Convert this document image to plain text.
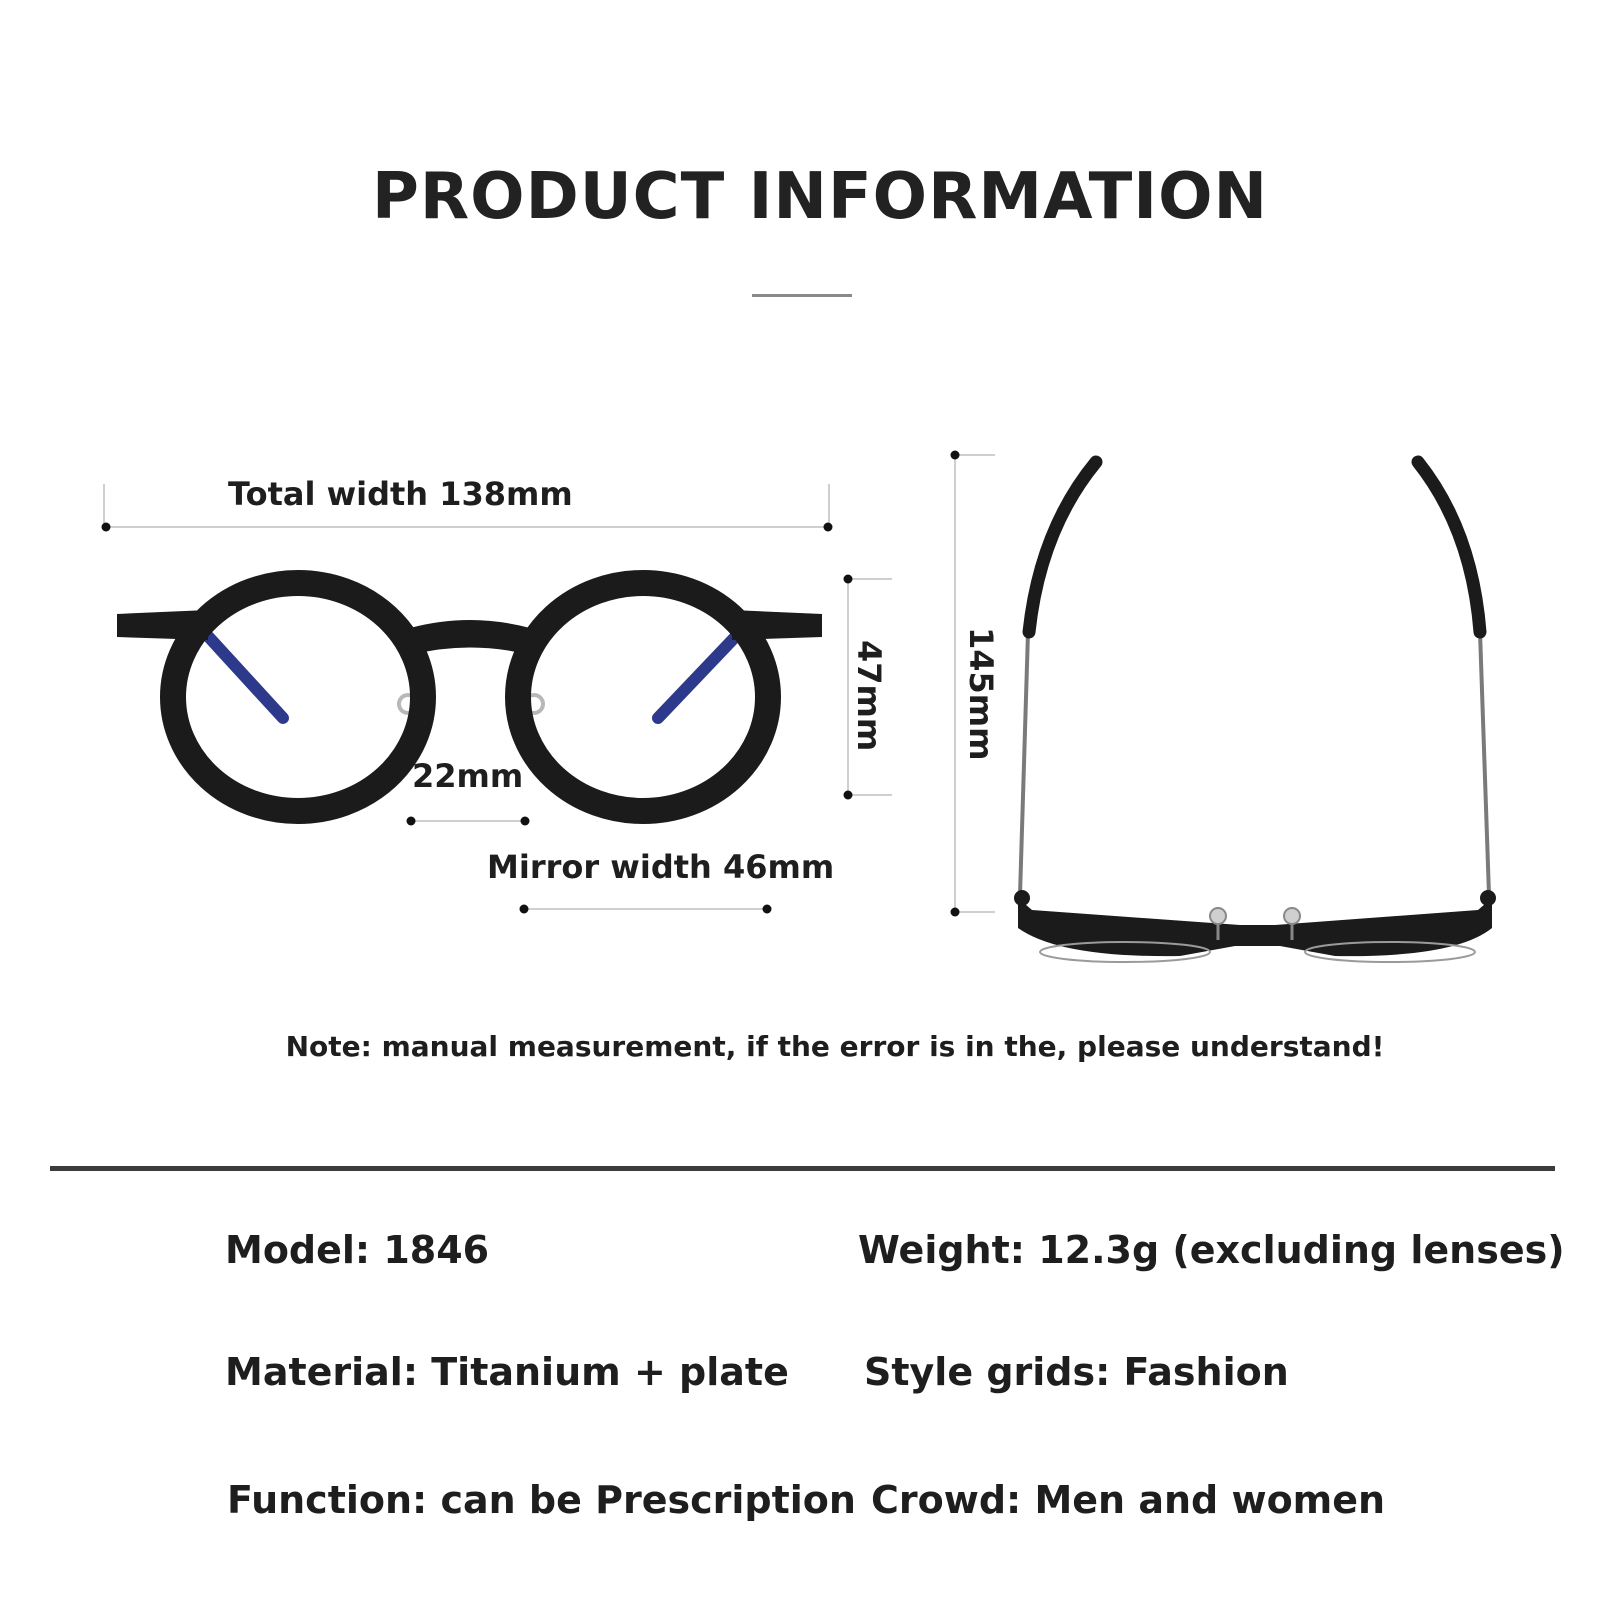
PRODUCT INFORMATION
Total width 138mm
22mm
47mm
Mirror width 46mm
145mm
Note: manual measurement, if the error is in the, please understand!
Model: 1846	Weight: 12.3g (excluding lenses)
Material: Titanium + plate Style grids: Fashion
Function: can be Prescription Crowd: Men and women
